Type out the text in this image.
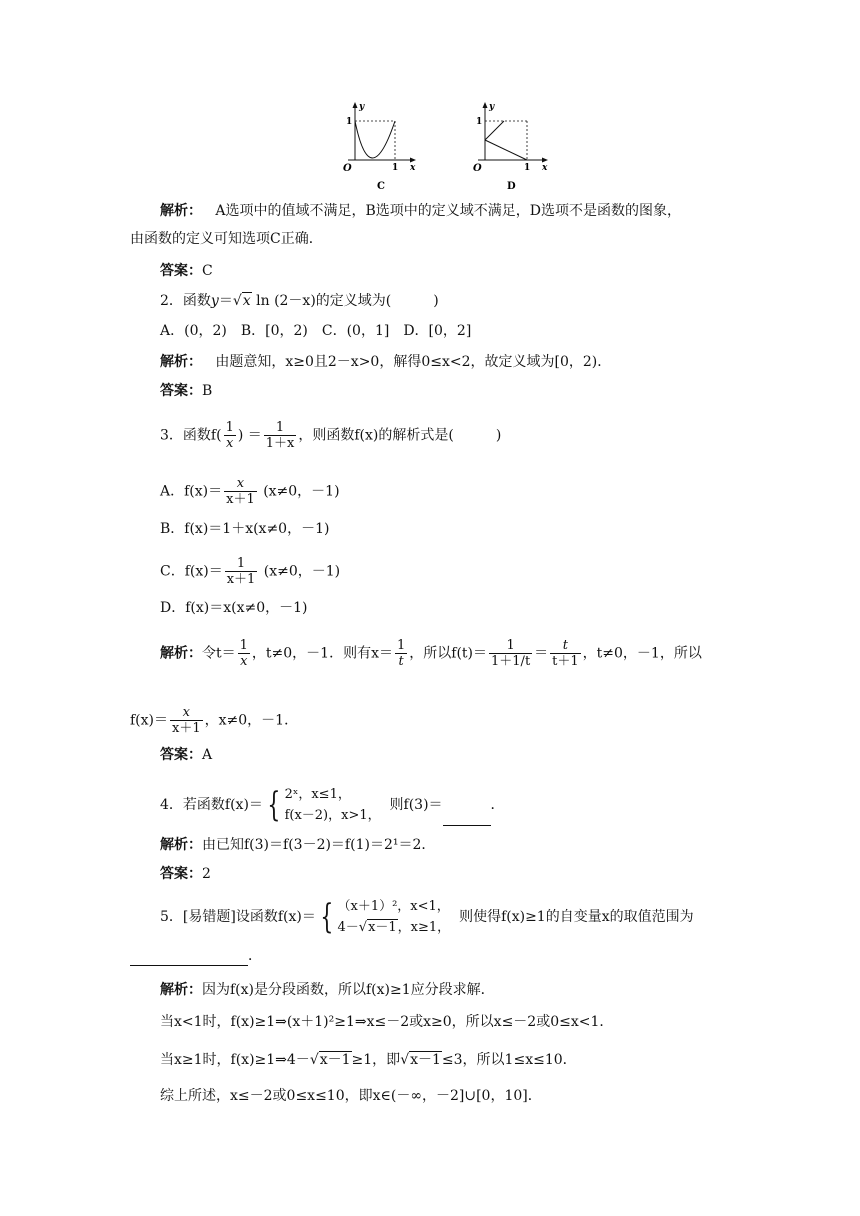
y
x
O
1
1
C
y
x
O
1
1
D
解析： A选项中的值域不满足，B选项中的定义域不满足，D选项不是函数的图象，
由函数的定义可知选项C正确．
答案：C
2．函数y＝√x ln (2－x)的定义域为(　　　)
A．(0，2)　B．[0，2)　C．(0，1]　D．[0，2]
解析： 由题意知，x≥0且2－x>0，解得0≤x<2，故定义域为[0，2)．
答案：B
3．函数$f( \frac{1}{x}$ ) ＝ $\frac{1}{1+x}$ ，则函数f(x)的解析式是(　　　)
A．$f(x)= \frac{x}{x+1} (x\ne 0$，－1)
B．f(x)＝1＋x(x≠0，－1)
C．$f(x)= \frac{1}{x+1} (x\ne 0$，－1)
D．f(x)＝x(x≠0，－1)
解析：令$t= \frac{1}{x}$ ，t≠0，－1．则有$x= \frac{1}{t}$ ，所以$f(t)= \frac{1}{1+1/t} = \frac{t}{t+1}$ ，t≠0，－1，所以
$f(x)= \frac{x}{x+1}$ ，x≠0，－1．
答案：A
4．若函数f(x)＝ { 2ˣ，x≤1，
f(x－2)，x>1，
则f(3)＝	．
解析：由已知f(3)＝f(3－2)＝f(1)＝2¹＝2．
答案：2
5．[易错题]设函数f(x)＝ { （x＋1）²，x<1，
4－√x－1，x≥1，
则使得f(x)≥1的自变量x的取值范围为
．
解析：因为f(x)是分段函数，所以f(x)≥1应分段求解．
当x<1时，f(x)≥1⇒(x＋1)²≥1⇒x≤－2或x≥0，所以x≤－2或0≤x<1．
当x≥1时，f(x)≥1⇒4－√x－1≥1，即√x－1≤3，所以1≤x≤10．
综上所述，x≤－2或0≤x≤10，即x∈(－∞，－2]∪[0，10]．
